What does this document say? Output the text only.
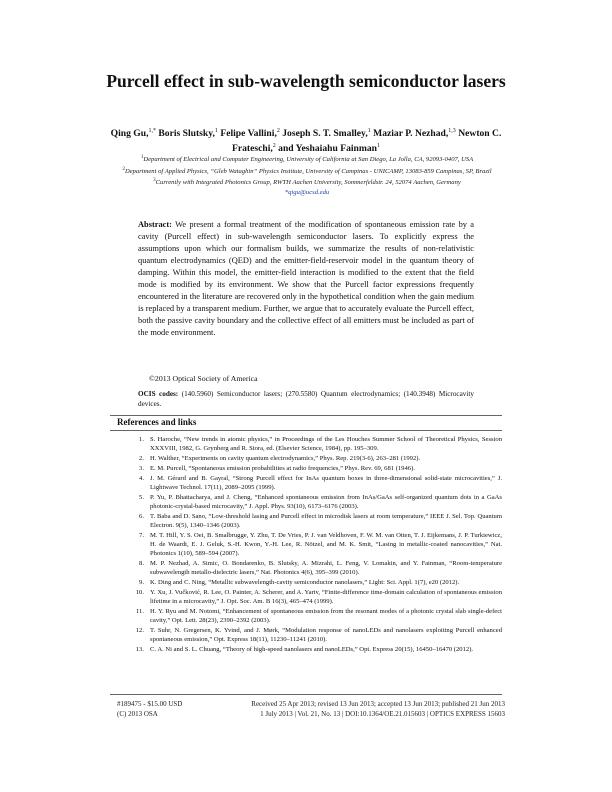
Purcell effect in sub-wavelength semiconductor lasers
Qing Gu,$^{1,*}$ Boris Slutsky,$^1$ Felipe Vallini,$^2$ Joseph S. T. Smalley,$^1$ Maziar P. Nezhad,$^{1,3}$ Newton C. Frateschi,$^2$ and Yeshaiahu Fainman$^1$

$^1$Department of Electrical and Computer Engineering, University of California at San Diego, La Jolla, CA, 92093-0407, USA

$^2$Department of Applied Physics, “Gleb Wataghin” Physics Institute, University of Campinas - UNICAMP, 13083-859 Campinas, SP, Brazil

$^3$Currently with Integrated Photonics Group, RWTH Aachen University, Sommerfeldstr. 24, 52074 Aachen, Germany

*qigu@ucsd.edu

Abstract: We present a formal treatment of the modification of spontaneous emission rate by a cavity (Purcell effect) in sub-wavelength semiconductor lasers. To explicitly express the assumptions upon which our formalism builds, we summarize the results of non-relativistic quantum electrodynamics (QED) and the emitter-field-reservoir model in the quantum theory of damping. Within this model, the emitter-field interaction is modified to the extent that the field mode is modified by its environment. We show that the Purcell factor expressions frequently encountered in the literature are recovered only in the hypothetical condition when the gain medium is replaced by a transparent medium. Further, we argue that to accurately evaluate the Purcell effect, both the passive cavity boundary and the collective effect of all emitters must be included as part of the mode environment.
©2013 Optical Society of America
OCIS codes: (140.5960) Semiconductor lasers; (270.5580) Quantum electrodynamics; (140.3948) Microcavity devices.
References and links
1. S. Haroche, “New trends in atomic physics,” in Proceedings of the Les Houches Summer School of Theoretical Physics, Session XXXVIII, 1982, G. Grynberg and R. Stora, ed. (Elsevier Science, 1984), pp. 195–309.
2. H. Walther, “Experiments on cavity quantum electrodynamics,” Phys. Rep. 219(3-6), 263–281 (1992).
3. E. M. Purcell, “Spontaneous emission probabilities at radio frequencies,” Phys. Rev. 69, 681 (1946).
4. J. M. Gérard and B. Gayral, “Strong Purcell effect for InAs quantum boxes in three-dimensional solid-state microcavities,” J. Lightwave Technol. 17(11), 2089–2095 (1999).
5. P. Yu, P. Bhattacharya, and J. Cheng, “Enhanced spontaneous emission from InAs/GaAs self-organized quantum dots in a GaAs photonic-crystal-based microcavity,” J. Appl. Phys. 93(10), 6173–6176 (2003).
6. T. Baba and D. Sano, “Low-threshold lasing and Purcell effect in microdisk lasers at room temperature,” IEEE J. Sel. Top. Quantum Electron. 9(5), 1340–1346 (2003).
7. M. T. Hill, Y. S. Oei, B. Smalbrugge, Y. Zhu, T. De Vries, P. J. van Veldhoven, F. W. M. van Otten, T. J. Eijkemans, J. P. Turkiewicz, H. de Waardt, E. J. Geluk, S.-H. Kwon, Y.-H. Lee, R. Nötzel, and M. K. Smit, “Lasing in metallic-coated nanocavities,” Nat. Photonics 1(10), 589–594 (2007).
8. M. P. Nezhad, A. Simic, O. Bondarenko, B. Slutsky, A. Mizrahi, L. Feng, V. Lomakin, and Y. Fainman, “Room-temperature subwavelength metallo-dielectric lasers,” Nat. Photonics 4(6), 395–399 (2010).
9. K. Ding and C. Ning, “Metallic subwavelength-cavity semiconductor nanolasers,” Light: Sci. Appl. 1(7), e20 (2012).
10. Y. Xu, J. Vučković, R. Lee, O. Painter, A. Scherer, and A. Yariv, “Finite-difference time-domain calculation of spontaneous emission lifetime in a microcavity,” J. Opt. Soc. Am. B 16(3), 465–474 (1999).
11. H. Y. Ryu and M. Notomi, “Enhancement of spontaneous emission from the resonant modes of a photonic crystal slab single-defect cavity,” Opt. Lett. 28(23), 2390–2392 (2003).
12. T. Suhr, N. Gregersen, K. Yvind, and J. Mørk, “Modulation response of nanoLEDs and nanolasers exploiting Purcell enhanced spontaneous emission,” Opt. Express 18(11), 11230–11241 (2010).
13. C. A. Ni and S. L. Chuang, “Theory of high-speed nanolasers and nanoLEDs,” Opt. Express 20(15), 16450–16470 (2012).
#189475 - $15.00 USD	Received 25 Apr 2013; revised 13 Jun 2013; accepted 13 Jun 2013; published 21 Jun 2013
(C) 2013 OSA	1 July 2013 | Vol. 21, No. 13 | DOI:10.1364/OE.21.015603 | OPTICS EXPRESS 15603
